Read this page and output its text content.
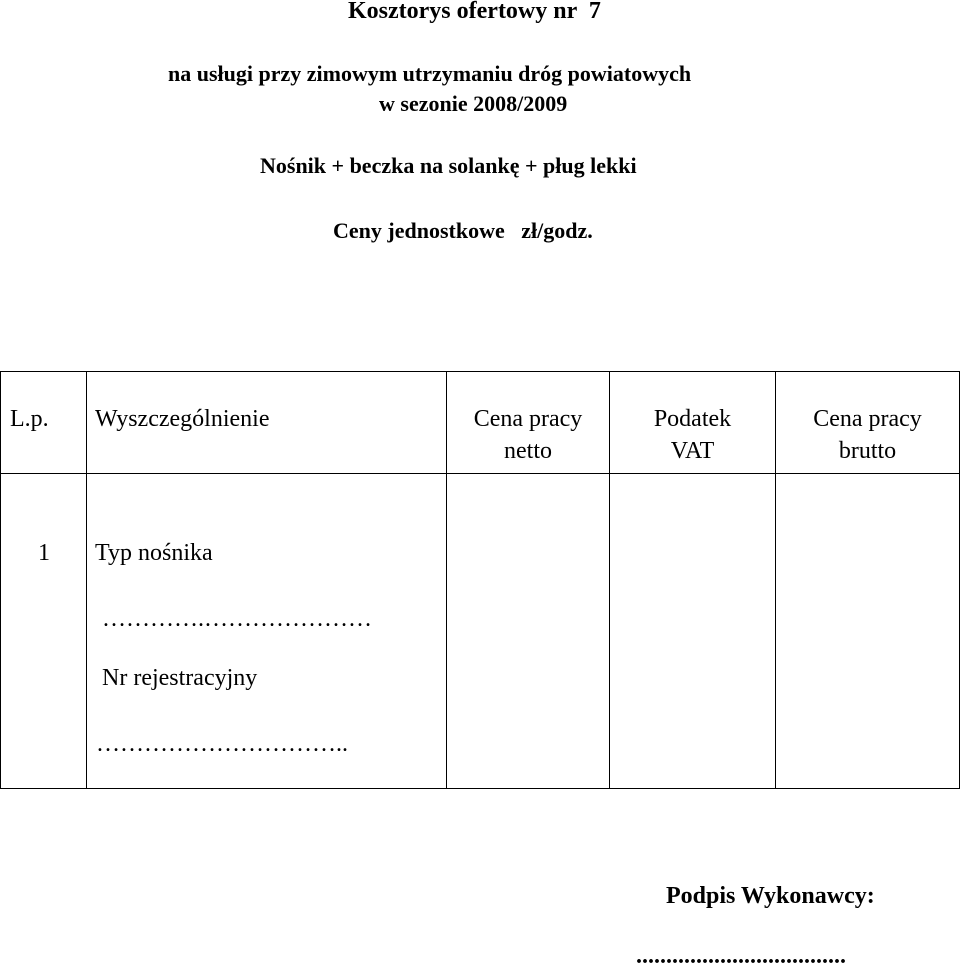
Kosztorys ofertowy nr  7
na usługi przy zimowym utrzymaniu dróg powiatowych
w sezonie 2008/2009
Nośnik + beczka na solankę + pług lekki
Ceny jednostkowe   zł/godz.
L.p. Wyszczególnienie	Cena pracy
netto
Podatek
VAT
Cena pracy
brutto
1 Typ nośnika
………….…………………
Nr rejestracyjny
…………………………..
Podpis Wykonawcy:
...................................
